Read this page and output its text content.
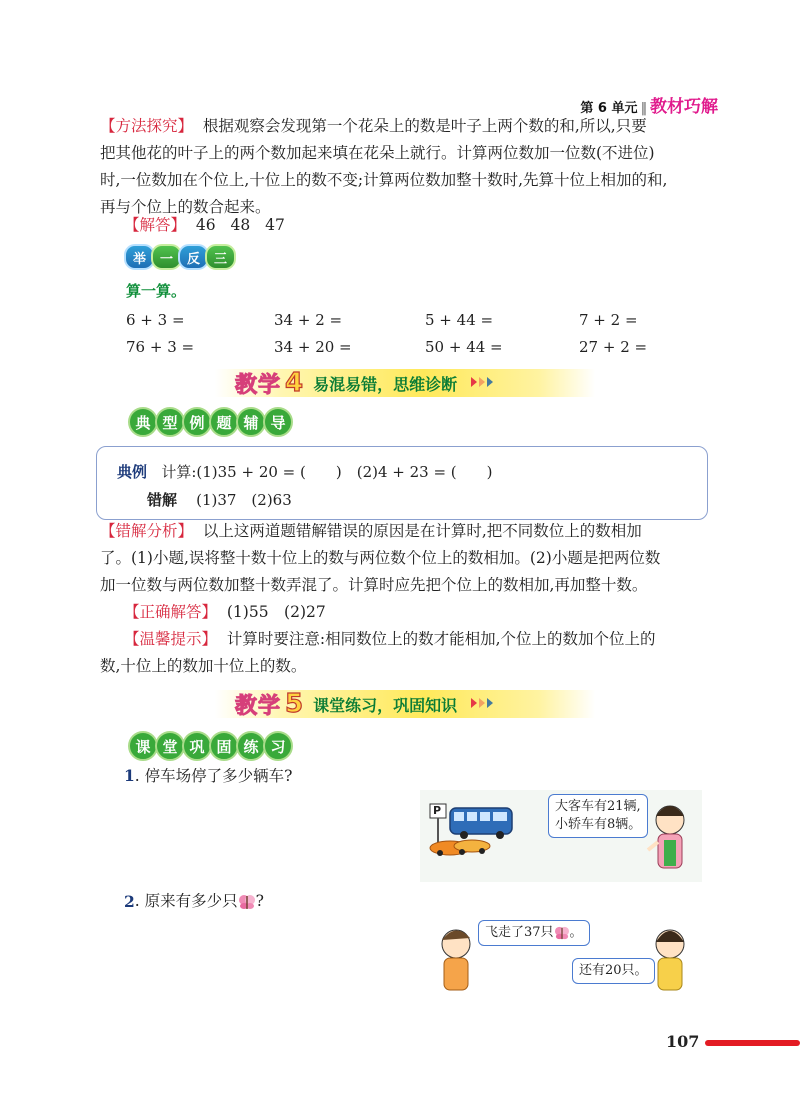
第 6 单元 ‖ 教材巧解

【方法探究】 根据观察会发现第一个花朵上的数是叶子上两个数的和,所以,只要

把其他花的叶子上的两个数加起来填在花朵上就行。计算两位数加一位数(不进位)

时,一位数加在个位上,十位上的数不变;计算两位数加整十数时,先算十位上相加的和,

再与个位上的数合起来。

【解答】 46 48 47

举	一	反	三
算一算。
6 + 3 =	34 + 2 =	5 + 44 =	7 + 2 =
76 + 3 =	34 + 20 =	50 + 44 =	27 + 2 =
教学 4 易混易错，思维诊断
典 型 例 题 辅 导
典例 计算:(1)35 + 20 = (　　)　(2)4 + 23 = (　　)
错解 (1)37　(2)63

【错解分析】 以上这两道题错解错误的原因是在计算时,把不同数位上的数相加

了。(1)小题,误将整十数十位上的数与两位数个位上的数相加。(2)小题是把两位数

加一位数与两位数加整十数弄混了。计算时应先把个位上的数相加,再加整十数。

【正确解答】 (1)55　(2)27

【温馨提示】 计算时要注意:相同数位上的数才能相加,个位上的数加个位上的

数,十位上的数加十位上的数。

教学 5 课堂练习，巩固知识
课 堂 巩 固 练 习
1. 停车场停了多少辆车?
大客车有21辆,
小轿车有8辆。
P
2 . 原来有多少只 ?
飞走了37只 。
还有20只。
107
